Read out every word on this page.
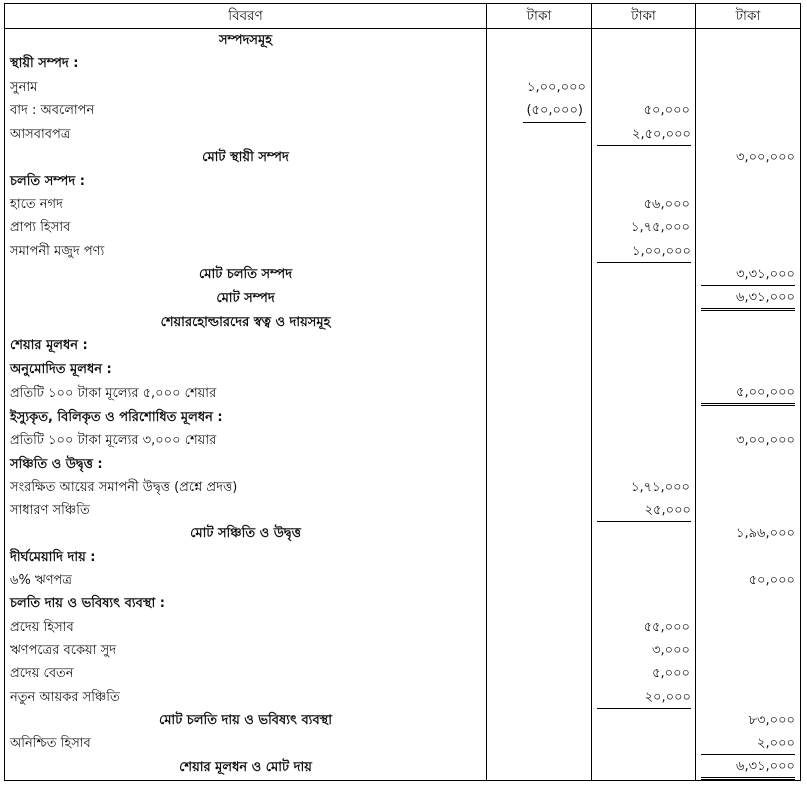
বিবরণ	টাকা	টাকা	টাকা
সম্পদসমূহ			
স্থায়ী সম্পদ :			
সুনাম	১,০০,০০০		
বাদ : অবলোপন	(৫০,০০০)	৫০,০০০	
আসবাবপত্র		২,৫০,০০০	
মোট স্থায়ী সম্পদ			৩,০০,০০০
চলতি সম্পদ :			
হাতে নগদ		৫৬,০০০	
প্রাপ্য হিসাব		১,৭৫,০০০	
সমাপনী মজুদ পণ্য		১,০০,০০০	
মোট চলতি সম্পদ			৩,৩১,০০০
মোট সম্পদ			৬,৩১,০০০
শেয়ারহোল্ডারদের স্বত্ব ও দায়সমূহ			
শেয়ার মূলধন :			
অনুমোদিত মূলধন :			
প্রতিটি ১০০ টাকা মূল্যের ৫,০০০ শেয়ার			৫,০০,০০০
ইস্যুকৃত, বিলিকৃত ও পরিশোধিত মূলধন :			
প্রতিটি ১০০ টাকা মূল্যের ৩,০০০ শেয়ার			৩,০০,০০০
সঞ্চিতি ও উদ্বৃত্ত :			
সংরক্ষিত আয়ের সমাপনী উদ্বৃত্ত (প্রশ্নে প্রদত্ত)		১,৭১,০০০	
সাধারণ সঞ্চিতি		২৫,০০০	
মোট সঞ্চিতি ও উদ্বৃত্ত			১,৯৬,০০০
দীর্ঘমেয়াদি দায় :			
৬% ঋণপত্র			৫০,০০০
চলতি দায় ও ভবিষ্যৎ ব্যবস্থা :			
প্রদেয় হিসাব		৫৫,০০০	
ঋণপত্রের বকেয়া সুদ		৩,০০০	
প্রদেয় বেতন		৫,০০০	
নতুন আয়কর সঞ্চিতি		২০,০০০	
মোট চলতি দায় ও ভবিষ্যৎ ব্যবস্থা			৮৩,০০০
অনিশ্চিত হিসাব			২,০০০
শেয়ার মূলধন ও মোট দায়			৬,৩১,০০০
